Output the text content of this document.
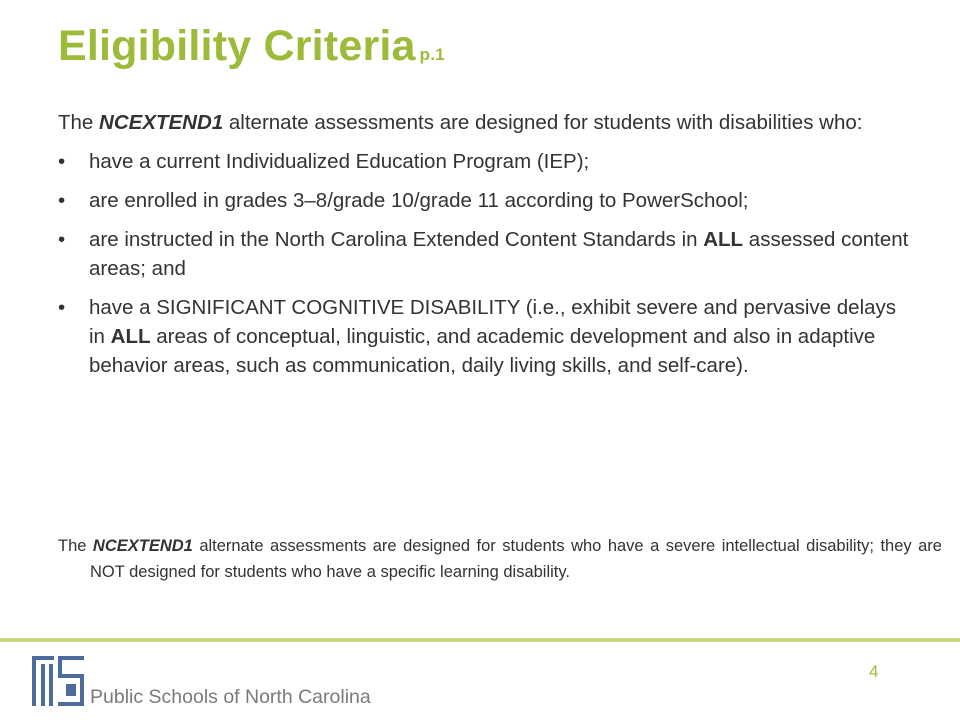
Eligibility Criteria p.1

The NCEXTEND1 alternate assessments are designed for students with disabilities who:

• have a current Individualized Education Program (IEP);
• are enrolled in grades 3–8/grade 10/grade 11 according to PowerSchool;
• are instructed in the North Carolina Extended Content Standards in ALL assessed content areas; and
• have a SIGNIFICANT COGNITIVE DISABILITY (i.e., exhibit severe and pervasive delays in ALL areas of conceptual, linguistic, and academic development and also in adaptive behavior areas, such as communication, daily living skills, and self-care).

The NCEXTEND1 alternate assessments are designed for students who have a severe intellectual disability; they are NOT designed for students who have a specific learning disability.

Public Schools of North Carolina
4
